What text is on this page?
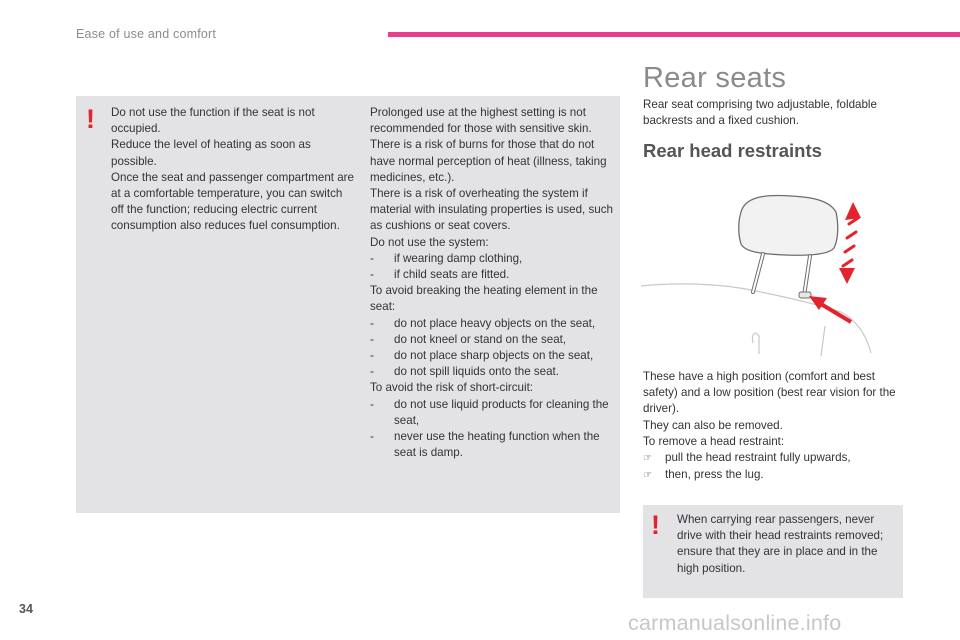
Ease of use and comfort
! Do not use the function if the seat is not occupied.

Reduce the level of heating as soon as possible.

Once the seat and passenger compartment are at a comfortable temperature, you can switch off the function; reducing electric current consumption also reduces fuel consumption.

Prolonged use at the highest setting is not recommended for those with sensitive skin.

There is a risk of burns for those that do not have normal perception of heat (illness, taking medicines, etc.).

There is a risk of overheating the system if material with insulating properties is used, such as cushions or seat covers.

Do not use the system:

- if wearing damp clothing,
- if child seats are fitted.

To avoid breaking the heating element in the seat:

- do not place heavy objects on the seat,
- do not kneel or stand on the seat,
- do not place sharp objects on the seat,
- do not spill liquids onto the seat.

To avoid the risk of short-circuit:

- do not use liquid products for cleaning the seat,
- never use the heating function when the seat is damp.
Rear seats

Rear seat comprising two adjustable, foldable backrests and a fixed cushion.

Rear head restraints

These have a high position (comfort and best safety) and a low position (best rear vision for the driver).

They can also be removed.

To remove a head restraint:

☞ pull the head restraint fully upwards,
☞ then, press the lug.
! When carrying rear passengers, never drive with their head restraints removed; ensure that they are in place and in the high position.

34
carmanualsonline.info
